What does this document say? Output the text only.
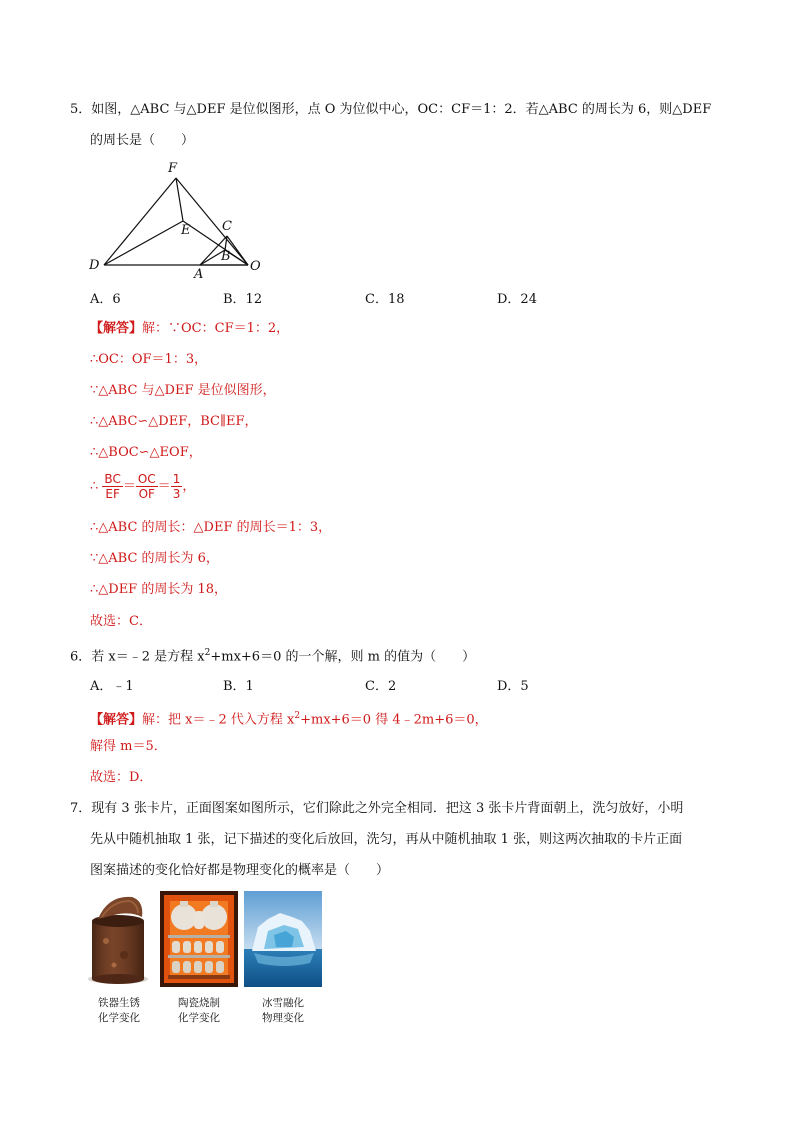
5．如图，△ABC 与△DEF 是位似图形，点 O 为位似中心，OC：CF＝1：2．若△ABC 的周长为 6，则△DEF
的周长是（　　）
F
E C
B
D
A
O
A．6	B．12	C．18	D．24
【解答】解：∵OC：CF＝1：2，
∴OC：OF＝1：3，
∵△ABC 与△DEF 是位似图形，
∴△ABC∽△DEF，BC∥EF，
∴△BOC∽△EOF，
∴ $\frac{BC}{EF} = \frac{OC}{OF} = \frac{1}{3}$ ，
∴△ABC 的周长：△DEF 的周长＝1：3，
∵△ABC 的周长为 6，
∴△DEF 的周长为 18，
故选：C．
6．若 x＝﹣2 是方程 $x^2+mx+6=0$ 的一个解，则 m 的值为（　　）
A．﹣1	B．1	C．2	D．5
【解答】解：把 x＝﹣2 代入方程 $x^2+mx+6=0$ 得 4﹣2m+6＝0，
解得 m＝5．
故选：D．
7．现有 3 张卡片，正面图案如图所示，它们除此之外完全相同．把这 3 张卡片背面朝上，洗匀放好，小明
先从中随机抽取 1 张，记下描述的变化后放回，洗匀，再从中随机抽取 1 张，则这两次抽取的卡片正面
图案描述的变化恰好都是物理变化的概率是（　　）
铁器生锈
化学变化
陶瓷烧制
化学变化
冰雪融化
物理变化
